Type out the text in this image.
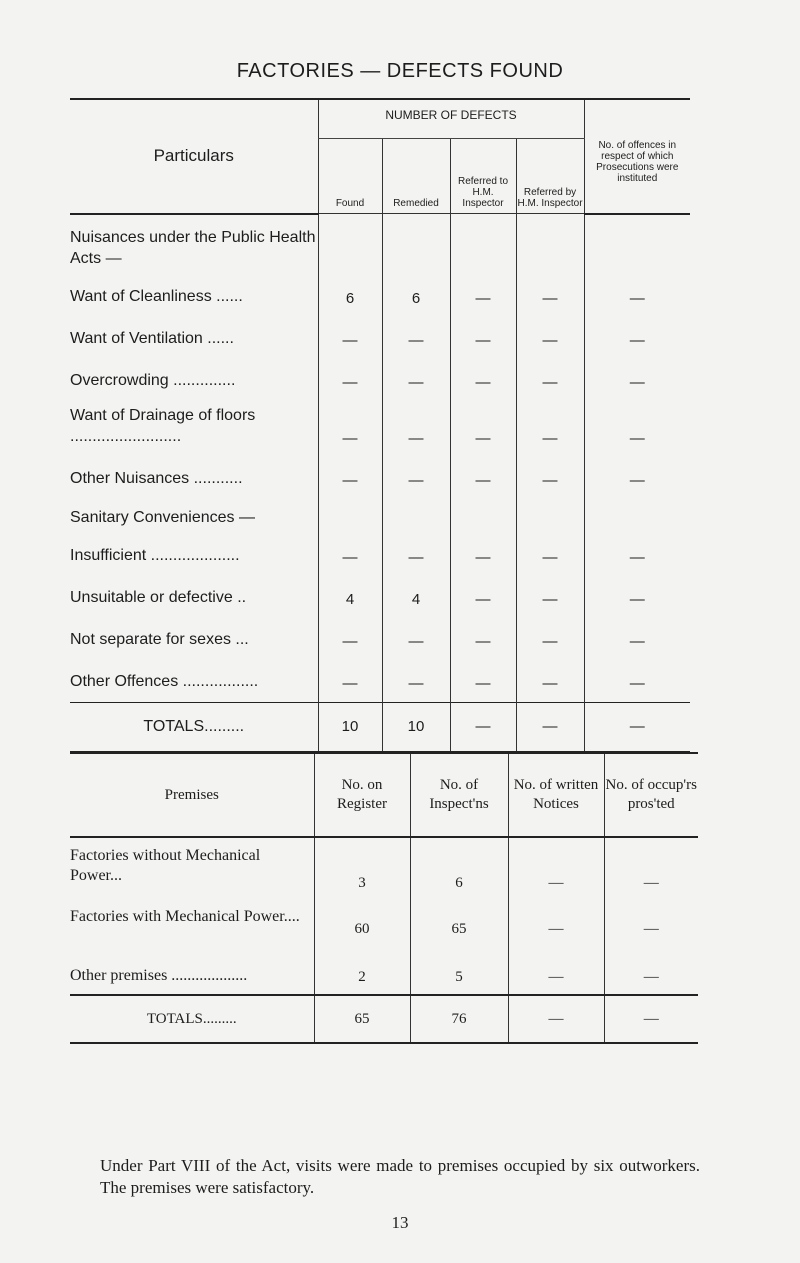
FACTORIES — DEFECTS FOUND
Particulars	NUMBER OF DEFECTS				No. of offences in respect of which Prosecutions were instituted
	Found	Remedied	Referred to H.M. Inspector	Referred by H.M. Inspector	
Nuisances under the Public Health Acts —					
Want of Cleanliness ......	6	6	—	—	—
Want of Ventilation ......	—	—	—	—	—
Overcrowding ..............	—	—	—	—	—
Want of Drainage of floors .........................	—	—	—	—	—
Other Nuisances ...........	—	—	—	—	—
Sanitary Conveniences —					
Insufficient ....................	—	—	—	—	—
Unsuitable or defective ..	4	4	—	—	—
Not separate for sexes ...	—	—	—	—	—
Other Offences .................	—	—	—	—	—
TOTALS.........	10	10	—	—	—
Premises	No. on Register	No. of Inspect'ns	No. of written Notices	No. of occup'rs pros'ted
Factories without Mechanical Power...	3	6	—	—
Factories with Mechanical Power....	60	65	—	—
Other premises ...................	2	5	—	—
TOTALS.........	65	76	—	—
Under Part VIII of the Act, visits were made to premises occupied by six outworkers. The premises were satisfactory.
13
